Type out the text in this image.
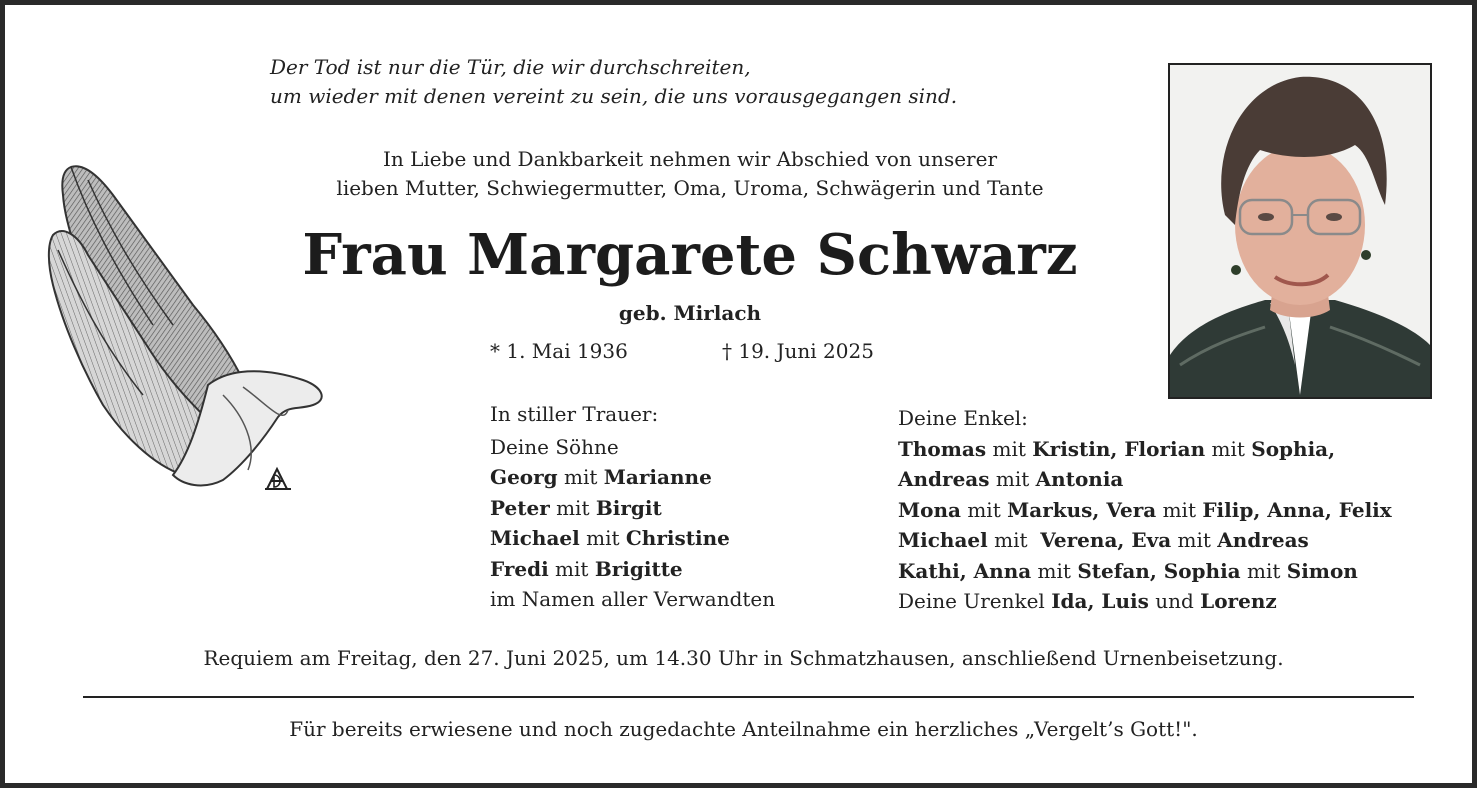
Der Tod ist nur die Tür, die wir durchschreiten,
um wieder mit denen vereint zu sein, die uns vorausgegangen sind.
In Liebe und Dankbarkeit nehmen wir Abschied von unserer
lieben Mutter, Schwiegermutter, Oma, Uroma, Schwägerin und Tante
Frau Margarete Schwarz
geb. Mirlach
* 1. Mai 1936	† 19. Juni 2025
In stiller Trauer:
Deine Söhne
Georg mit Marianne
Peter mit Birgit
Michael mit Christine
Fredi mit Brigitte
im Namen aller Verwandten
Deine Enkel:
Thomas mit Kristin, Florian mit Sophia,
Andreas mit Antonia
Mona mit Markus, Vera mit Filip, Anna, Felix
Michael mit  Verena, Eva mit Andreas
Kathi, Anna mit Stefan, Sophia mit Simon
Deine Urenkel Ida, Luis und Lorenz
Requiem am Freitag, den 27. Juni 2025, um 14.30 Uhr in Schmatzhausen, anschließend Urnenbeisetzung.
Für bereits erwiesene und noch zugedachte Anteilnahme ein herzliches „Vergelt’s Gott!".
